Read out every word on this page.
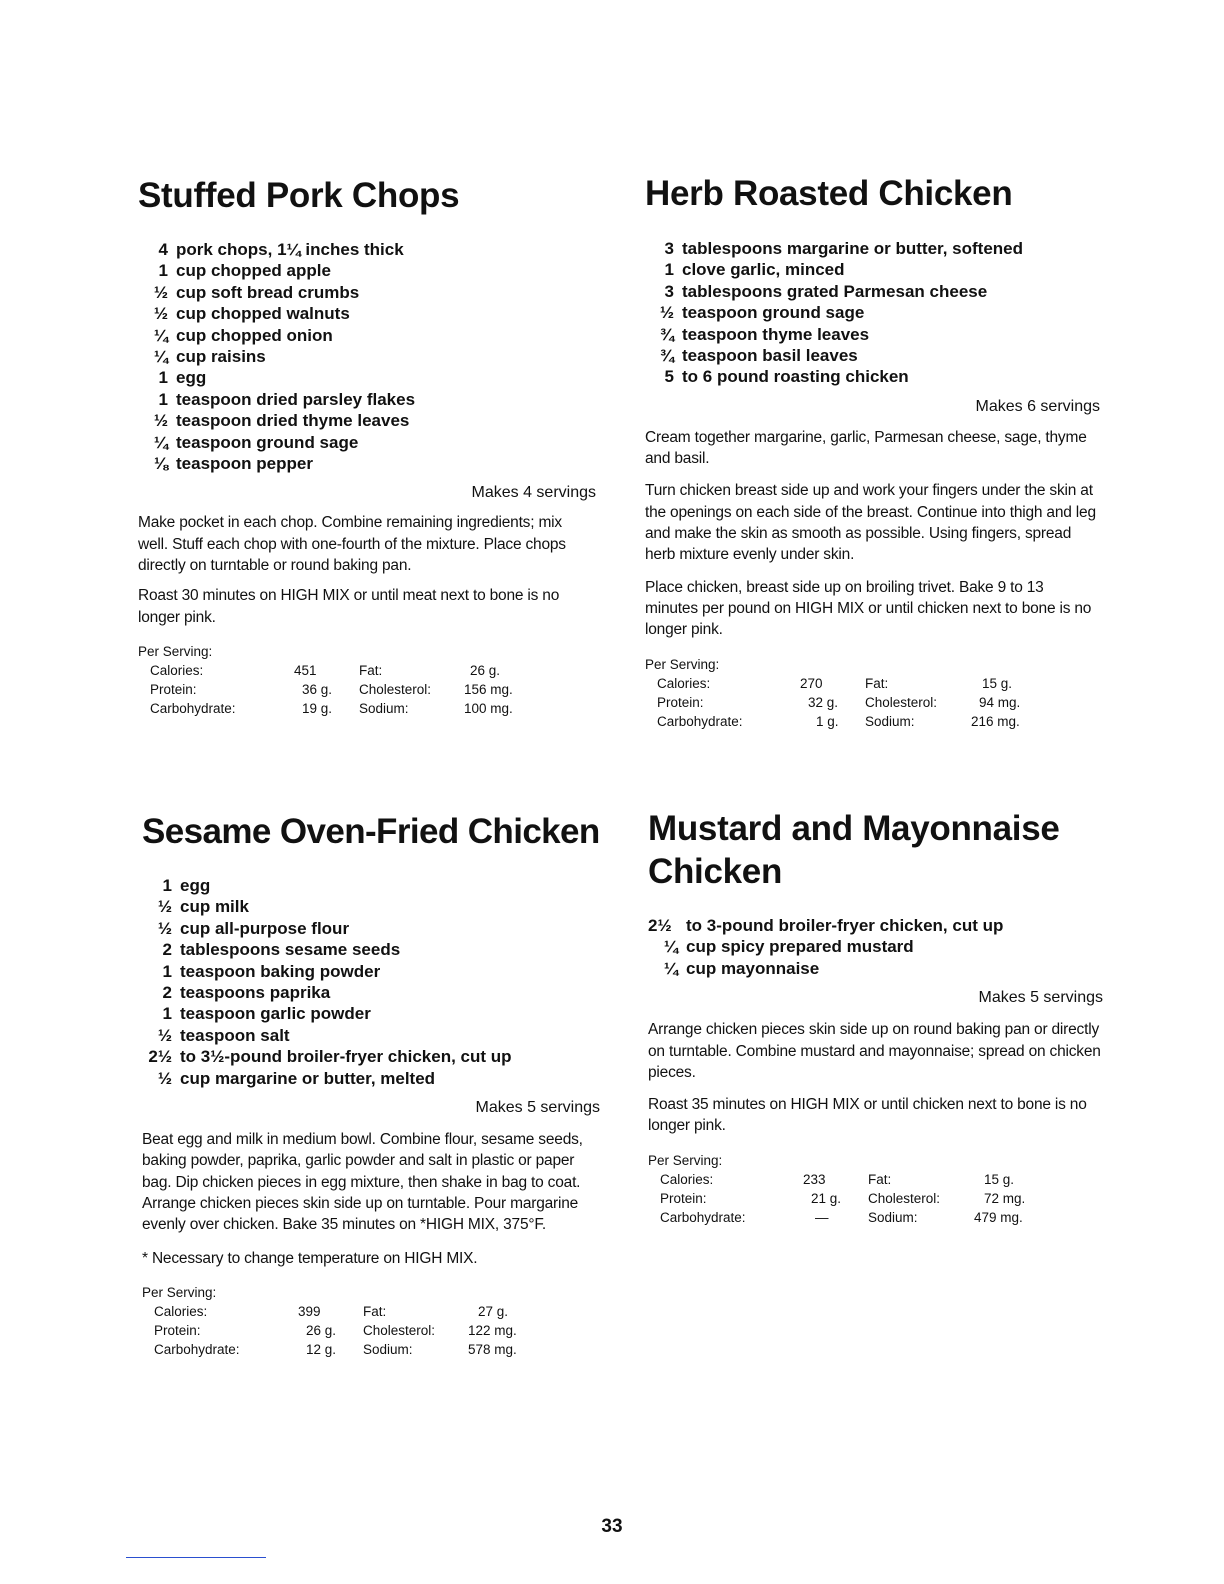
Stuffed Pork Chops
4 pork chops, 1¼ inches thick
1 cup chopped apple
½ cup soft bread crumbs
½ cup chopped walnuts
¼ cup chopped onion
¼ cup raisins
1 egg
1 teaspoon dried parsley flakes
½ teaspoon dried thyme leaves
¼ teaspoon ground sage
⅛ teaspoon pepper

Makes 4 servings

Make pocket in each chop. Combine remaining ingredients; mix well. Stuff each chop with one-fourth of the mixture. Place chops directly on turntable or round baking pan.

Roast 30 minutes on HIGH MIX or until meat next to bone is no longer pink.

Per Serving:

Calories:	451	Fat:	26 g.
Protein:	36 g. Cholesterol: 156 mg.
Carbohydrate:	19 g. Sodium:	100 mg.
Herb Roasted Chicken
3 tablespoons margarine or butter, softened
1 clove garlic, minced
3 tablespoons grated Parmesan cheese
½ teaspoon ground sage
¾ teaspoon thyme leaves
¾ teaspoon basil leaves
5 to 6 pound roasting chicken

Makes 6 servings

Cream together margarine, garlic, Parmesan cheese, sage, thyme and basil.

Turn chicken breast side up and work your fingers under the skin at the openings on each side of the breast. Continue into thigh and leg and make the skin as smooth as possible. Using fingers, spread herb mixture evenly under skin.

Place chicken, breast side up on broiling trivet. Bake 9 to 13 minutes per pound on HIGH MIX or until chicken next to bone is no longer pink.

Per Serving:

Calories:	270	Fat:	15 g.
Protein:	32 g. Cholesterol:	94 mg.
Carbohydrate:	1 g. Sodium:	216 mg.
Sesame Oven-Fried Chicken
1 egg
½ cup milk
½ cup all-purpose flour
2 tablespoons sesame seeds
1 teaspoon baking powder
2 teaspoons paprika
1 teaspoon garlic powder
½ teaspoon salt
2½ to 3½-pound broiler-fryer chicken, cut up
½ cup margarine or butter, melted

Makes 5 servings

Beat egg and milk in medium bowl. Combine flour, sesame seeds, baking powder, paprika, garlic powder and salt in plastic or paper bag. Dip chicken pieces in egg mixture, then shake in bag to coat. Arrange chicken pieces skin side up on turntable. Pour margarine evenly over chicken. Bake 35 minutes on *HIGH MIX, 375°F.

* Necessary to change temperature on HIGH MIX.

Per Serving:

Calories:	399	Fat:	27 g.
Protein:	26 g. Cholesterol: 122 mg.
Carbohydrate:	12 g. Sodium:	578 mg.
Mustard and Mayonnaise
Chicken
2½ to 3-pound broiler-fryer chicken, cut up
¼ cup spicy prepared mustard
¼ cup mayonnaise

Makes 5 servings

Arrange chicken pieces skin side up on round baking pan or directly on turntable. Combine mustard and mayonnaise; spread on chicken pieces.

Roast 35 minutes on HIGH MIX or until chicken next to bone is no longer pink.

Per Serving:

Calories:	233	Fat:	15 g.
Protein:	21 g. Cholesterol:	72 mg.
Carbohydrate:	—	Sodium:	479 mg.
33
